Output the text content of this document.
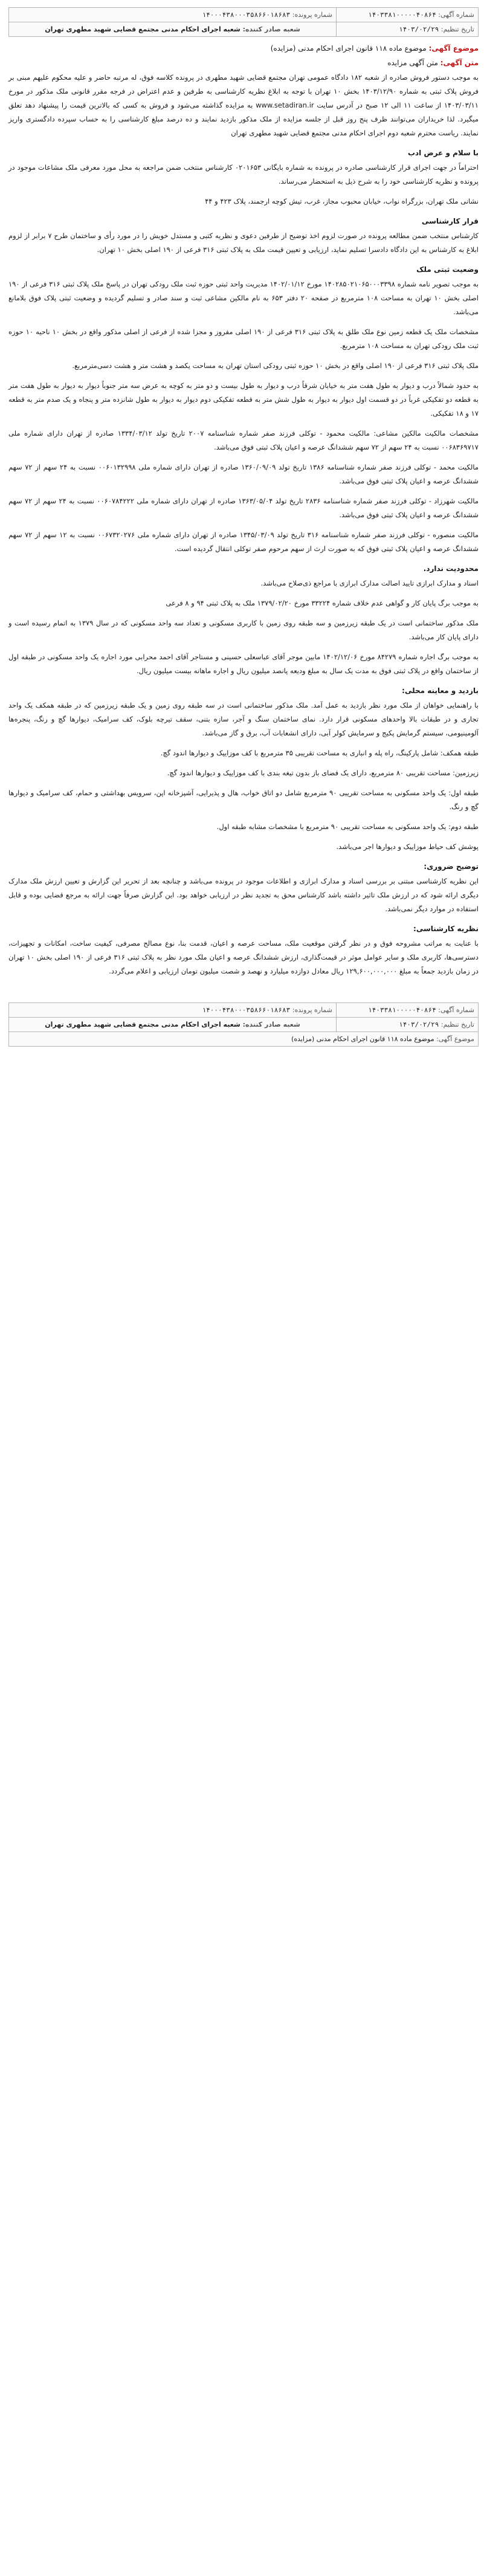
شماره آگهی: ۱۴۰۳۳۸۱۰۰۰۰۰۴۰۸۶۴	شماره پرونده: ۱۴۰۰۰۴۳۸۰۰۰۳۵۸۶۶۰۱۸۶۸۳
تاریخ تنظیم: ۱۴۰۳/۰۲/۲۹	شعبه صادر کننده: شعبه اجرای احکام مدنی مجتمع قضایی شهید مطهری تهران
موضوع آگهی: موضوع ماده ۱۱۸ قانون اجرای احکام مدنی (مزایده)
متن آگهی: متن آگهی مزایده

به موجب دستور فروش صادره از شعبه ۱۸۲ دادگاه عمومی تهران مجتمع قضایی شهید مطهری در پرونده کلاسه فوق، له مرتبه حاضر و علیه محکوم علیهم مبنی بر فروش پلاک ثبتی به شماره ۱۴۰۳/۱۲/۹۰ بخش ۱۰ تهران با توجه به ابلاغ نظریه کارشناسی به طرفین و عدم اعتراض در فرجه مقرر قانونی ملک مذکور در مورخ ۱۴۰۳/۰۳/۱۱ از ساعت ۱۱ الی ۱۲ صبح در آدرس سایت www.setadiran.ir به مزایده گذاشته می‌شود و فروش به کسی که بالاترین قیمت را پیشنهاد دهد تعلق میگیرد. لذا خریداران می‌توانند ظرف پنج روز قبل از جلسه مزایده از ملک مذکور بازدید نمایند و ده درصد مبلغ کارشناسی را به حساب سپرده دادگستری واریز نمایند. ریاست محترم شعبه دوم اجرای احکام مدنی مجتمع قضایی شهید مطهری تهران

با سلام و عرض ادب

احتراماً در جهت اجرای قرار کارشناسی صادره در پرونده به شماره بایگانی ۰۲۰۱۶۵۳ کارشناس منتخب ضمن مراجعه به محل مورد معرفی ملک مشاعات موجود در پرونده و نظریه کارشناسی خود را به شرح ذیل به استحضار می‌رساند.

نشانی ملک تهران، بزرگراه نواب، خیابان محبوب مجاز، غرب، تیش کوچه ارجمند، پلاک ۴۲۳ و ۴۴

قرار کارشناسی

کارشناس منتخب ضمن مطالعه پرونده در صورت لزوم اخذ توضیح از طرفین دعوی و نظریه کتبی و مستدل خویش را در مورد رأی و ساختمان طرح ۷ برابر از لزوم ابلاغ به کارشناس به این دادگاه دادسرا تسلیم نماید، ارزیابی و تعیین قیمت ملک به پلاک ثبتی ۳۱۶ فرعی از ۱۹۰ اصلی بخش ۱۰ تهران.

وضعیت ثبتی ملک

به موجب تصویر نامه شماره ۱۴۰۲۸۵۰۲۱۰۶۵۰۰۰۳۳۹۸ مورخ ۱۴۰۲/۰۱/۱۲ مدیریت واحد ثبتی حوزه ثبت ملک رودکی تهران در پاسخ ملک پلاک ثبتی ۳۱۶ فرعی از ۱۹۰ اصلی بخش ۱۰ تهران به مساحت ۱۰۸ مترمربع در صفحه ۲۰ دفتر ۶۵۳ به نام مالکین مشاعی ثبت و سند صادر و تسلیم گردیده و وضعیت ثبتی پلاک فوق بلامانع می‌باشد.

مشخصات ملک یک قطعه زمین نوع ملک طلق به پلاک ثبتی ۳۱۶ فرعی از ۱۹۰ اصلی مفروز و مجزا شده از فرعی از اصلی مذکور واقع در بخش ۱۰ ناحیه ۱۰ حوزه ثبت ملک رودکی تهران به مساحت ۱۰۸ مترمربع.

ملک پلاک ثبتی ۳۱۶ فرعی از ۱۹۰ اصلی واقع در بخش ۱۰ حوزه ثبتی رودکی استان تهران به مساحت یکصد و هشت متر و هشت دسی‌مترمربع.

به حدود شمالاً درب و دیوار به طول هفت متر به خیابان شرقاً درب و دیوار به طول بیست و دو متر به کوچه به عرض سه متر جنوباً دیوار به دیوار به طول هفت متر به قطعه دو تفکیکی غرباً در دو قسمت اول دیوار به دیوار به طول شش متر به قطعه تفکیکی دوم دیوار به دیوار به طول شانزده متر و پنجاه و یک صدم متر به قطعه ۱۷ و ۱۸ تفکیکی.

مشخصات مالکیت مالکین مشاعی: مالکیت محمود - توکلی فرزند صفر شماره شناسنامه ۲۰۰۷ تاریخ تولد ۱۳۳۴/۰۳/۱۲ صادره از تهران دارای شماره ملی ۰۰۶۸۳۶۹۷۱۷ نسبت به ۲۴ سهم از ۷۲ سهم ششدانگ عرصه و اعیان پلاک ثبتی فوق می‌باشد.

مالکیت محمد - توکلی فرزند صفر شماره شناسنامه ۱۳۸۶ تاریخ تولد ۱۳۶۰/۰۹/۰۹ صادره از تهران دارای شماره ملی ۰۰۶۰۱۳۲۹۹۸ نسبت به ۲۴ سهم از ۷۲ سهم ششدانگ عرصه و اعیان پلاک ثبتی فوق می‌باشد.

مالکیت شهرزاد - توکلی فرزند صفر شماره شناسنامه ۲۸۳۶ تاریخ تولد ۱۳۶۳/۰۵/۰۴ صادره از تهران دارای شماره ملی ۰۰۶۰۷۸۴۲۲۲ نسبت به ۲۴ سهم از ۷۲ سهم ششدانگ عرصه و اعیان پلاک ثبتی فوق می‌باشد.

مالکیت منصوره - توکلی فرزند صفر شماره شناسنامه ۳۱۶ تاریخ تولد ۱۳۴۵/۰۳/۰۹ صادره از تهران دارای شماره ملی ۰۰۶۷۳۲۰۲۷۶ نسبت به ۱۲ سهم از ۷۲ سهم ششدانگ عرصه و اعیان پلاک ثبتی فوق که به صورت ارث از سهم مرحوم صفر توکلی انتقال گردیده است.

محدودیت ندارد.

اسناد و مدارک ابرازی تایید اصالت مدارک ابرازی با مراجع ذی‌صلاح می‌باشد.

به موجب برگ پایان کار و گواهی عدم خلاف شماره ۳۳۲۲۴ مورخ ۱۳۷۹/۰۲/۲۰ ملک به پلاک ثبتی ۹۴ و ۸ فرعی

ملک مذکور ساختمانی است در یک طبقه زیرزمین و سه طبقه روی زمین با کاربری مسکونی و تعداد سه واحد مسکونی که در سال ۱۳۷۹ به اتمام رسیده است و دارای پایان کار می‌باشد.

به موجب برگ اجاره شماره ۸۴۲۷۹ مورخ ۱۴۰۲/۱۲/۰۶ مابین موجر آقای عباسعلی حسینی و مستاجر آقای احمد محرابی مورد اجاره یک واحد مسکونی در طبقه اول از ساختمان واقع در پلاک ثبتی فوق به مدت یک سال به مبلغ ودیعه پانصد میلیون ریال و اجاره ماهانه بیست میلیون ریال.

بازدید و معاینه محلی:

با راهنمایی خواهان از ملک مورد نظر بازدید به عمل آمد. ملک مذکور ساختمانی است در سه طبقه روی زمین و یک طبقه زیرزمین که در طبقه همکف یک واحد تجاری و در طبقات بالا واحدهای مسکونی قرار دارد. نمای ساختمان سنگ و آجر، سازه بتنی، سقف تیرچه بلوک، کف سرامیک، دیوارها گچ و رنگ، پنجره‌ها آلومینیومی، سیستم گرمایش پکیج و سرمایش کولر آبی، دارای انشعابات آب، برق و گاز می‌باشد.

طبقه همکف: شامل پارکینگ، راه پله و انباری به مساحت تقریبی ۳۵ مترمربع با کف موزاییک و دیوارها اندود گچ.

زیرزمین: مساحت تقریبی ۸۰ مترمربع، دارای یک فضای باز بدون تیغه بندی با کف موزاییک و دیوارها اندود گچ.

طبقه اول: یک واحد مسکونی به مساحت تقریبی ۹۰ مترمربع شامل دو اتاق خواب، هال و پذیرایی، آشپزخانه اپن، سرویس بهداشتی و حمام، کف سرامیک و دیوارها گچ و رنگ.

طبقه دوم: یک واحد مسکونی به مساحت تقریبی ۹۰ مترمربع با مشخصات مشابه طبقه اول.

پوشش کف حیاط موزاییک و دیوارها اجر می‌باشد.

توضیح ضروری:

این نظریه کارشناسی مبتنی بر بررسی اسناد و مدارک ابرازی و اطلاعات موجود در پرونده می‌باشد و چنانچه بعد از تحریر این گزارش و تعیین ارزش ملک مدارک دیگری ارائه شود که در ارزش ملک تاثیر داشته باشد کارشناس محق به تجدید نظر در ارزیابی خواهد بود. این گزارش صرفاً جهت ارائه به مرجع قضایی بوده و قابل استفاده در موارد دیگر نمی‌باشد.

نظریه کارشناسی:

با عنایت به مراتب مشروحه فوق و در نظر گرفتن موقعیت ملک، مساحت عرصه و اعیان، قدمت بنا، نوع مصالح مصرفی، کیفیت ساخت، امکانات و تجهیزات، دسترسی‌ها، کاربری ملک و سایر عوامل موثر در قیمت‌گذاری، ارزش ششدانگ عرصه و اعیان ملک مورد نظر به پلاک ثبتی ۳۱۶ فرعی از ۱۹۰ اصلی بخش ۱۰ تهران در زمان بازدید جمعاً به مبلغ ۱۲۹,۶۰۰,۰۰۰,۰۰۰ ریال معادل دوازده میلیارد و نهصد و شصت میلیون تومان ارزیابی و اعلام می‌گردد.

شماره آگهی: ۱۴۰۳۳۸۱۰۰۰۰۰۴۰۸۶۴	شماره پرونده: ۱۴۰۰۰۴۳۸۰۰۰۳۵۸۶۶۰۱۸۶۸۳
تاریخ تنظیم: ۱۴۰۳/۰۲/۲۹	شعبه صادر کننده: شعبه اجرای احکام مدنی مجتمع قضایی شهید مطهری تهران
موضوع آگهی: موضوع ماده ۱۱۸ قانون اجرای احکام مدنی (مزایده)	
